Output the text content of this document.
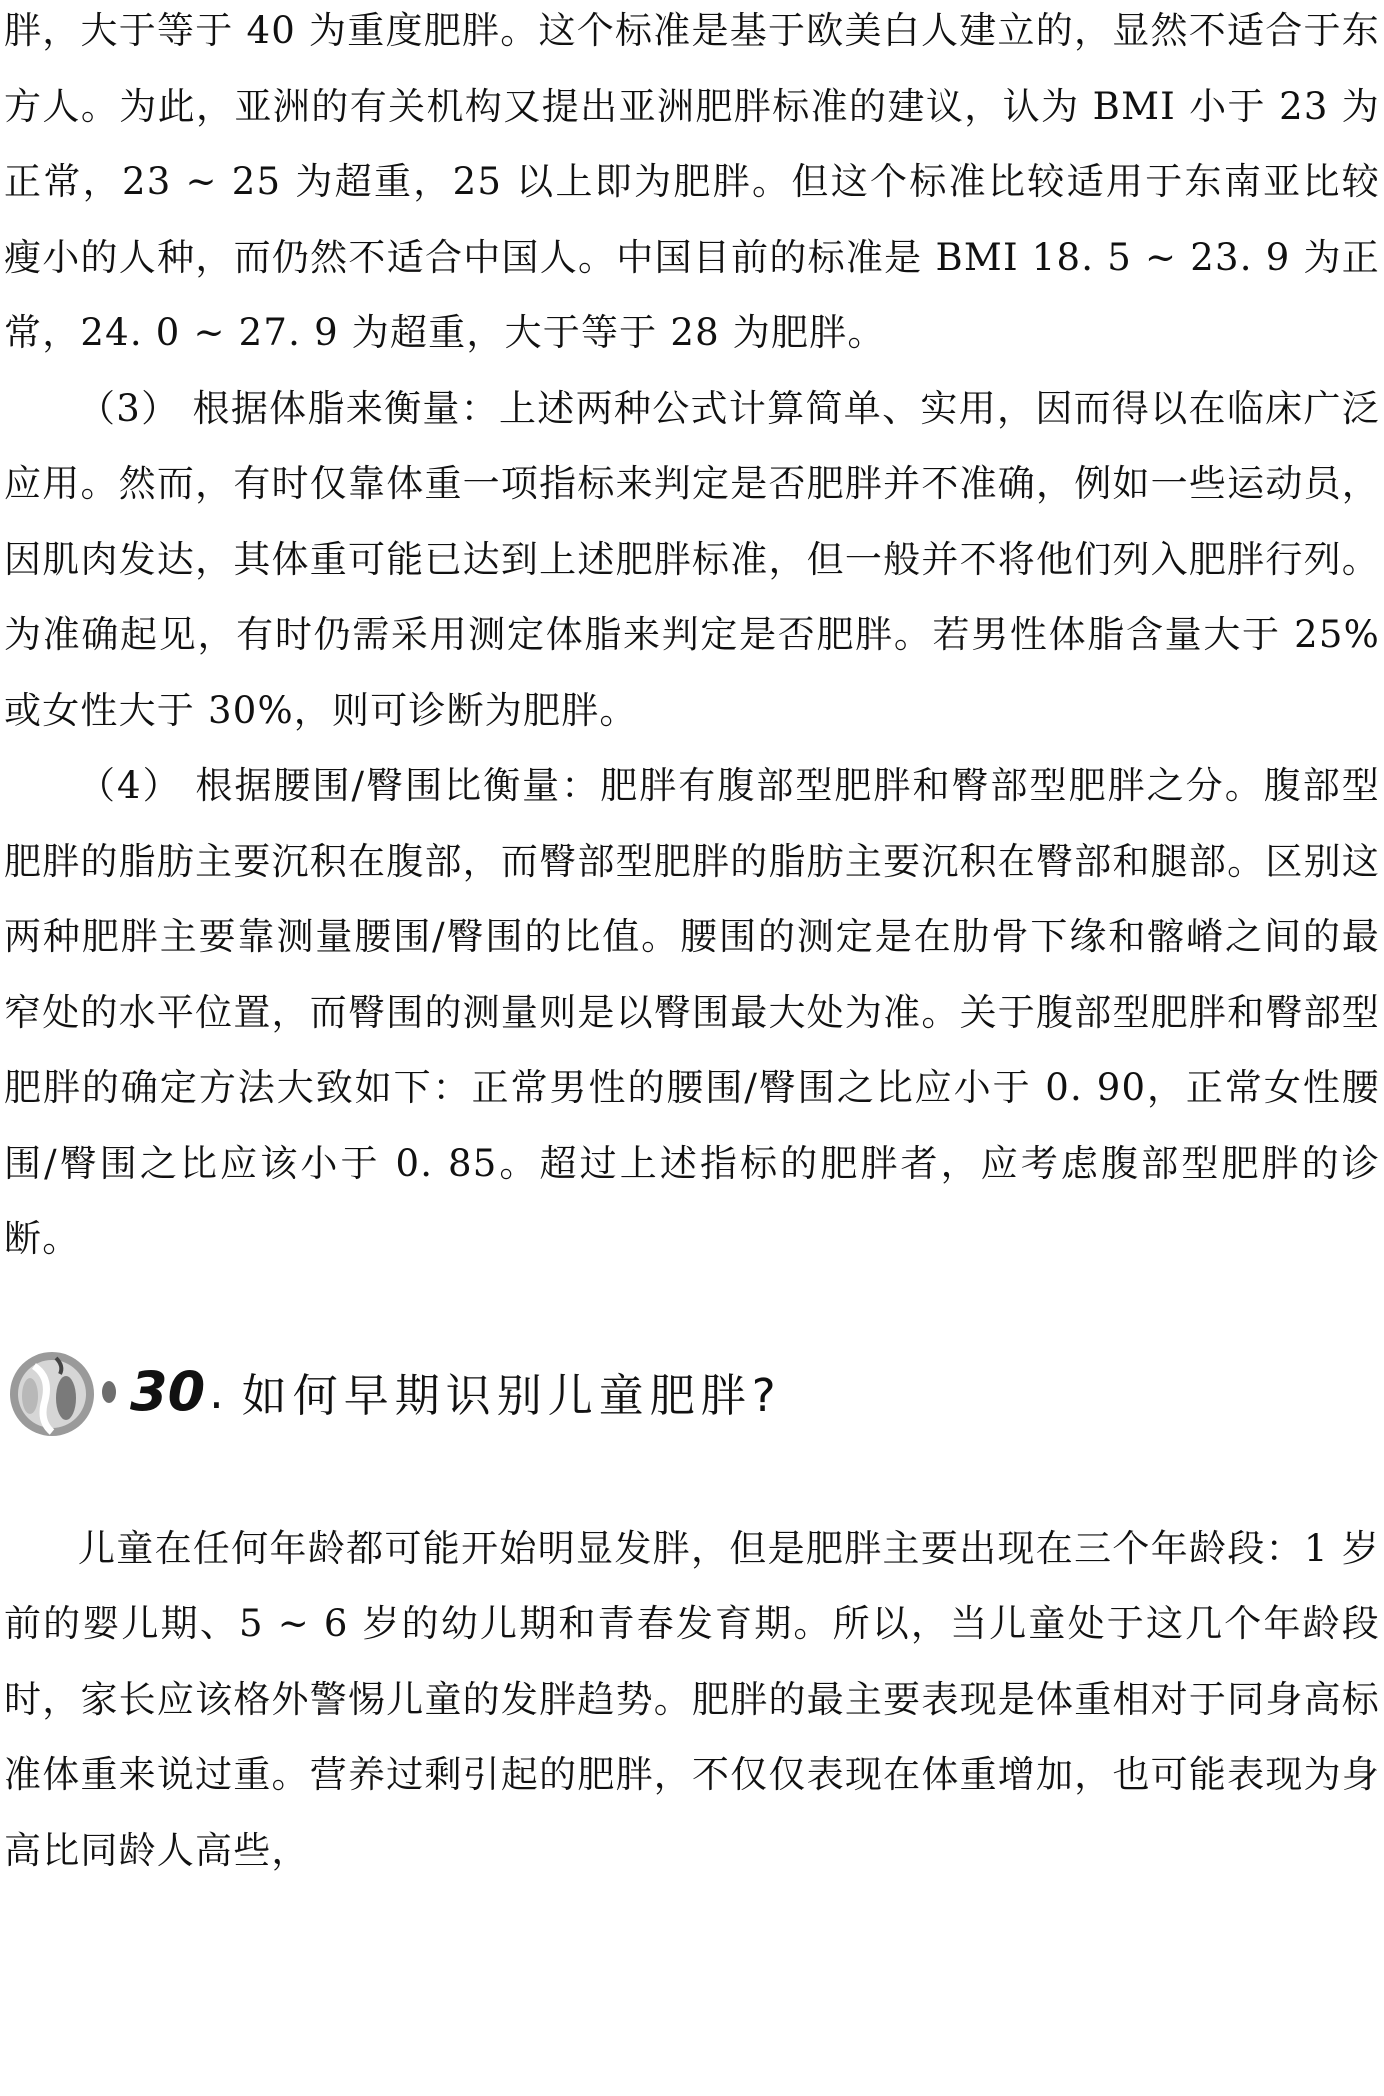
胖，大于等于 40 为重度肥胖。这个标准是基于欧美白人建立的，显然不适合于东方人。为此，亚洲的有关机构又提出亚洲肥胖标准的建议，认为 BMI 小于 23 为正常，23 ~ 25 为超重，25 以上即为肥胖。但这个标准比较适用于东南亚比较瘦小的人种，而仍然不适合中国人。中国目前的标准是 BMI 18. 5 ~ 23. 9 为正常，24. 0 ~ 27. 9 为超重，大于等于 28 为肥胖。

（3） 根据体脂来衡量：上述两种公式计算简单、实用，因而得以在临床广泛应用。然而，有时仅靠体重一项指标来判定是否肥胖并不准确，例如一些运动员，因肌肉发达，其体重可能已达到上述肥胖标准，但一般并不将他们列入肥胖行列。为准确起见，有时仍需采用测定体脂来判定是否肥胖。若男性体脂含量大于 25% 或女性大于 30%，则可诊断为肥胖。

（4） 根据腰围/臀围比衡量：肥胖有腹部型肥胖和臀部型肥胖之分。腹部型肥胖的脂肪主要沉积在腹部，而臀部型肥胖的脂肪主要沉积在臀部和腿部。区别这两种肥胖主要靠测量腰围/臀围的比值。腰围的测定是在肋骨下缘和髂嵴之间的最窄处的水平位置，而臀围的测量则是以臀围最大处为准。关于腹部型肥胖和臀部型肥胖的确定方法大致如下：正常男性的腰围/臀围之比应小于 0. 90，正常女性腰围/臀围之比应该小于 0. 85。超过上述指标的肥胖者，应考虑腹部型肥胖的诊断。

30 . 如何早期识别儿童肥胖?

儿童在任何年龄都可能开始明显发胖，但是肥胖主要出现在三个年龄段：1 岁前的婴儿期、5 ~ 6 岁的幼儿期和青春发育期。所以，当儿童处于这几个年龄段时，家长应该格外警惕儿童的发胖趋势。肥胖的最主要表现是体重相对于同身高标准体重来说过重。营养过剩引起的肥胖，不仅仅表现在体重增加，也可能表现为身高比同龄人高些，
